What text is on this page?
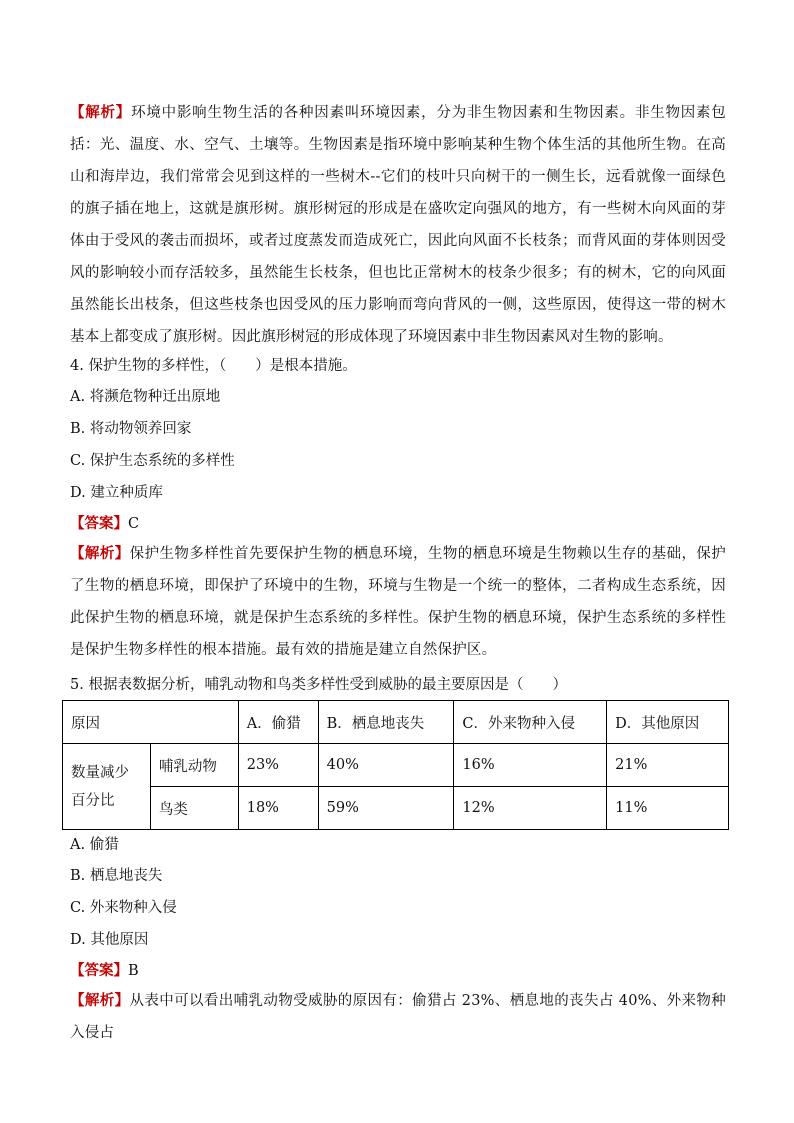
【解析】环境中影响生物生活的各种因素叫环境因素，分为非生物因素和生物因素。非生物因素包括：光、温度、水、空气、土壤等。生物因素是指环境中影响某种生物个体生活的其他所生物。在高山和海岸边，我们常常会见到这样的一些树木--它们的枝叶只向树干的一侧生长，远看就像一面绿色的旗子插在地上，这就是旗形树。旗形树冠的形成是在盛吹定向强风的地方，有一些树木向风面的芽体由于受风的袭击而损坏，或者过度蒸发而造成死亡，因此向风面不长枝条；而背风面的芽体则因受风的影响较小而存活较多，虽然能生长枝条，但也比正常树木的枝条少很多；有的树木，它的向风面虽然能长出枝条，但这些枝条也因受风的压力影响而弯向背风的一侧，这些原因，使得这一带的树木基本上都变成了旗形树。因此旗形树冠的形成体现了环境因素中非生物因素风对生物的影响。
4. 保护生物的多样性，（　　）是根本措施。
A. 将濒危物种迁出原地
B. 将动物领养回家
C. 保护生态系统的多样性
D. 建立种质库
【答案】C
【解析】保护生物多样性首先要保护生物的栖息环境，生物的栖息环境是生物赖以生存的基础，保护了生物的栖息环境，即保护了环境中的生物，环境与生物是一个统一的整体，二者构成生态系统，因此保护生物的栖息环境，就是保护生态系统的多样性。保护生物的栖息环境，保护生态系统的多样性是保护生物多样性的根本措施。最有效的措施是建立自然保护区。
5. 根据表数据分析，哺乳动物和鸟类多样性受到威胁的最主要原因是（　　）
原因		A．偷猎	B．栖息地丧失	C．外来物种入侵	D．其他原因
数量减少
百分比	哺乳动物	23%	40%	16%	21%
	鸟类	18%	59%	12%	11%
A. 偷猎
B. 栖息地丧失
C. 外来物种入侵
D. 其他原因
【答案】B
【解析】从表中可以看出哺乳动物受威胁的原因有：偷猎占 23%、栖息地的丧失占 40%、外来物种入侵占
